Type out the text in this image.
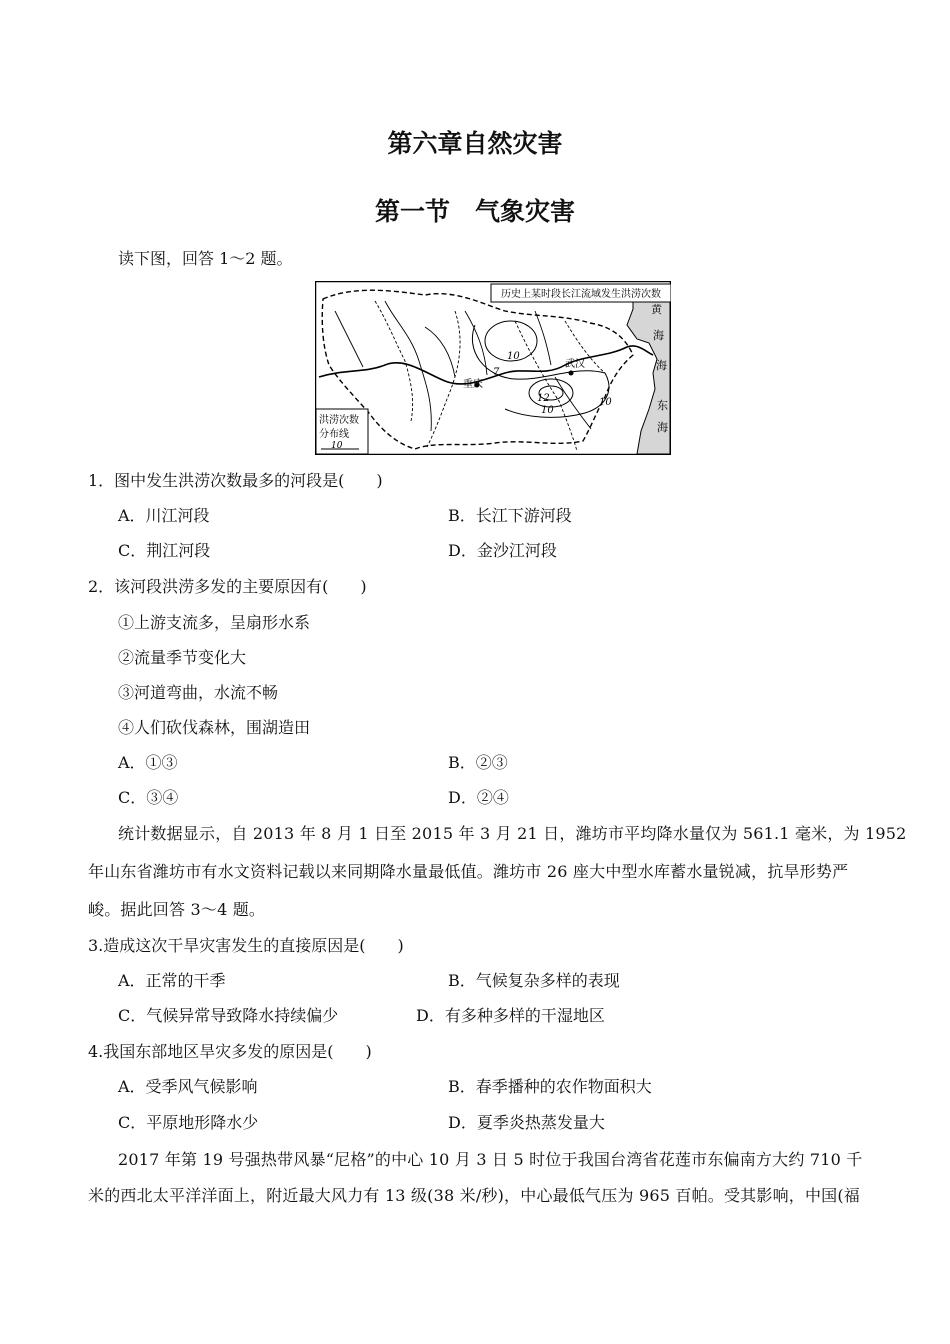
第六章自然灾害
第一节　气象灾害
读下图，回答 1～2 题。
历史上某时段长江流域发生洪涝次数
黄
海
海
东
海
10
7
12
10
10
武汉
重庆
洪涝次数
分布线
10
1．图中发生洪涝次数最多的河段是(　　)
A．川江河段	B．长江下游河段
C．荆江河段	D．金沙江河段
2．该河段洪涝多发的主要原因有(　　)
①上游支流多，呈扇形水系
②流量季节变化大
③河道弯曲，水流不畅
④人们砍伐森林，围湖造田
A．①③	B．②③
C．③④	D．②④
统计数据显示，自 2013 年 8 月 1 日至 2015 年 3 月 21 日，潍坊市平均降水量仅为 561.1 毫米，为 1952
年山东省潍坊市有水文资料记载以来同期降水量最低值。潍坊市 26 座大中型水库蓄水量锐减，抗旱形势严
峻。据此回答 3～4 题。
3.造成这次干旱灾害发生的直接原因是(　　)
A．正常的干季	B．气候复杂多样的表现
C．气候异常导致降水持续偏少	D．有多种多样的干湿地区
4.我国东部地区旱灾多发的原因是(　　)
A．受季风气候影响	B．春季播种的农作物面积大
C．平原地形降水少	D．夏季炎热蒸发量大
2017 年第 19 号强热带风暴“尼格”的中心 10 月 3 日 5 时位于我国台湾省花莲市东偏南方大约 710 千
米的西北太平洋洋面上，附近最大风力有 13 级(38 米/秒)，中心最低气压为 965 百帕。受其影响，中国(福
